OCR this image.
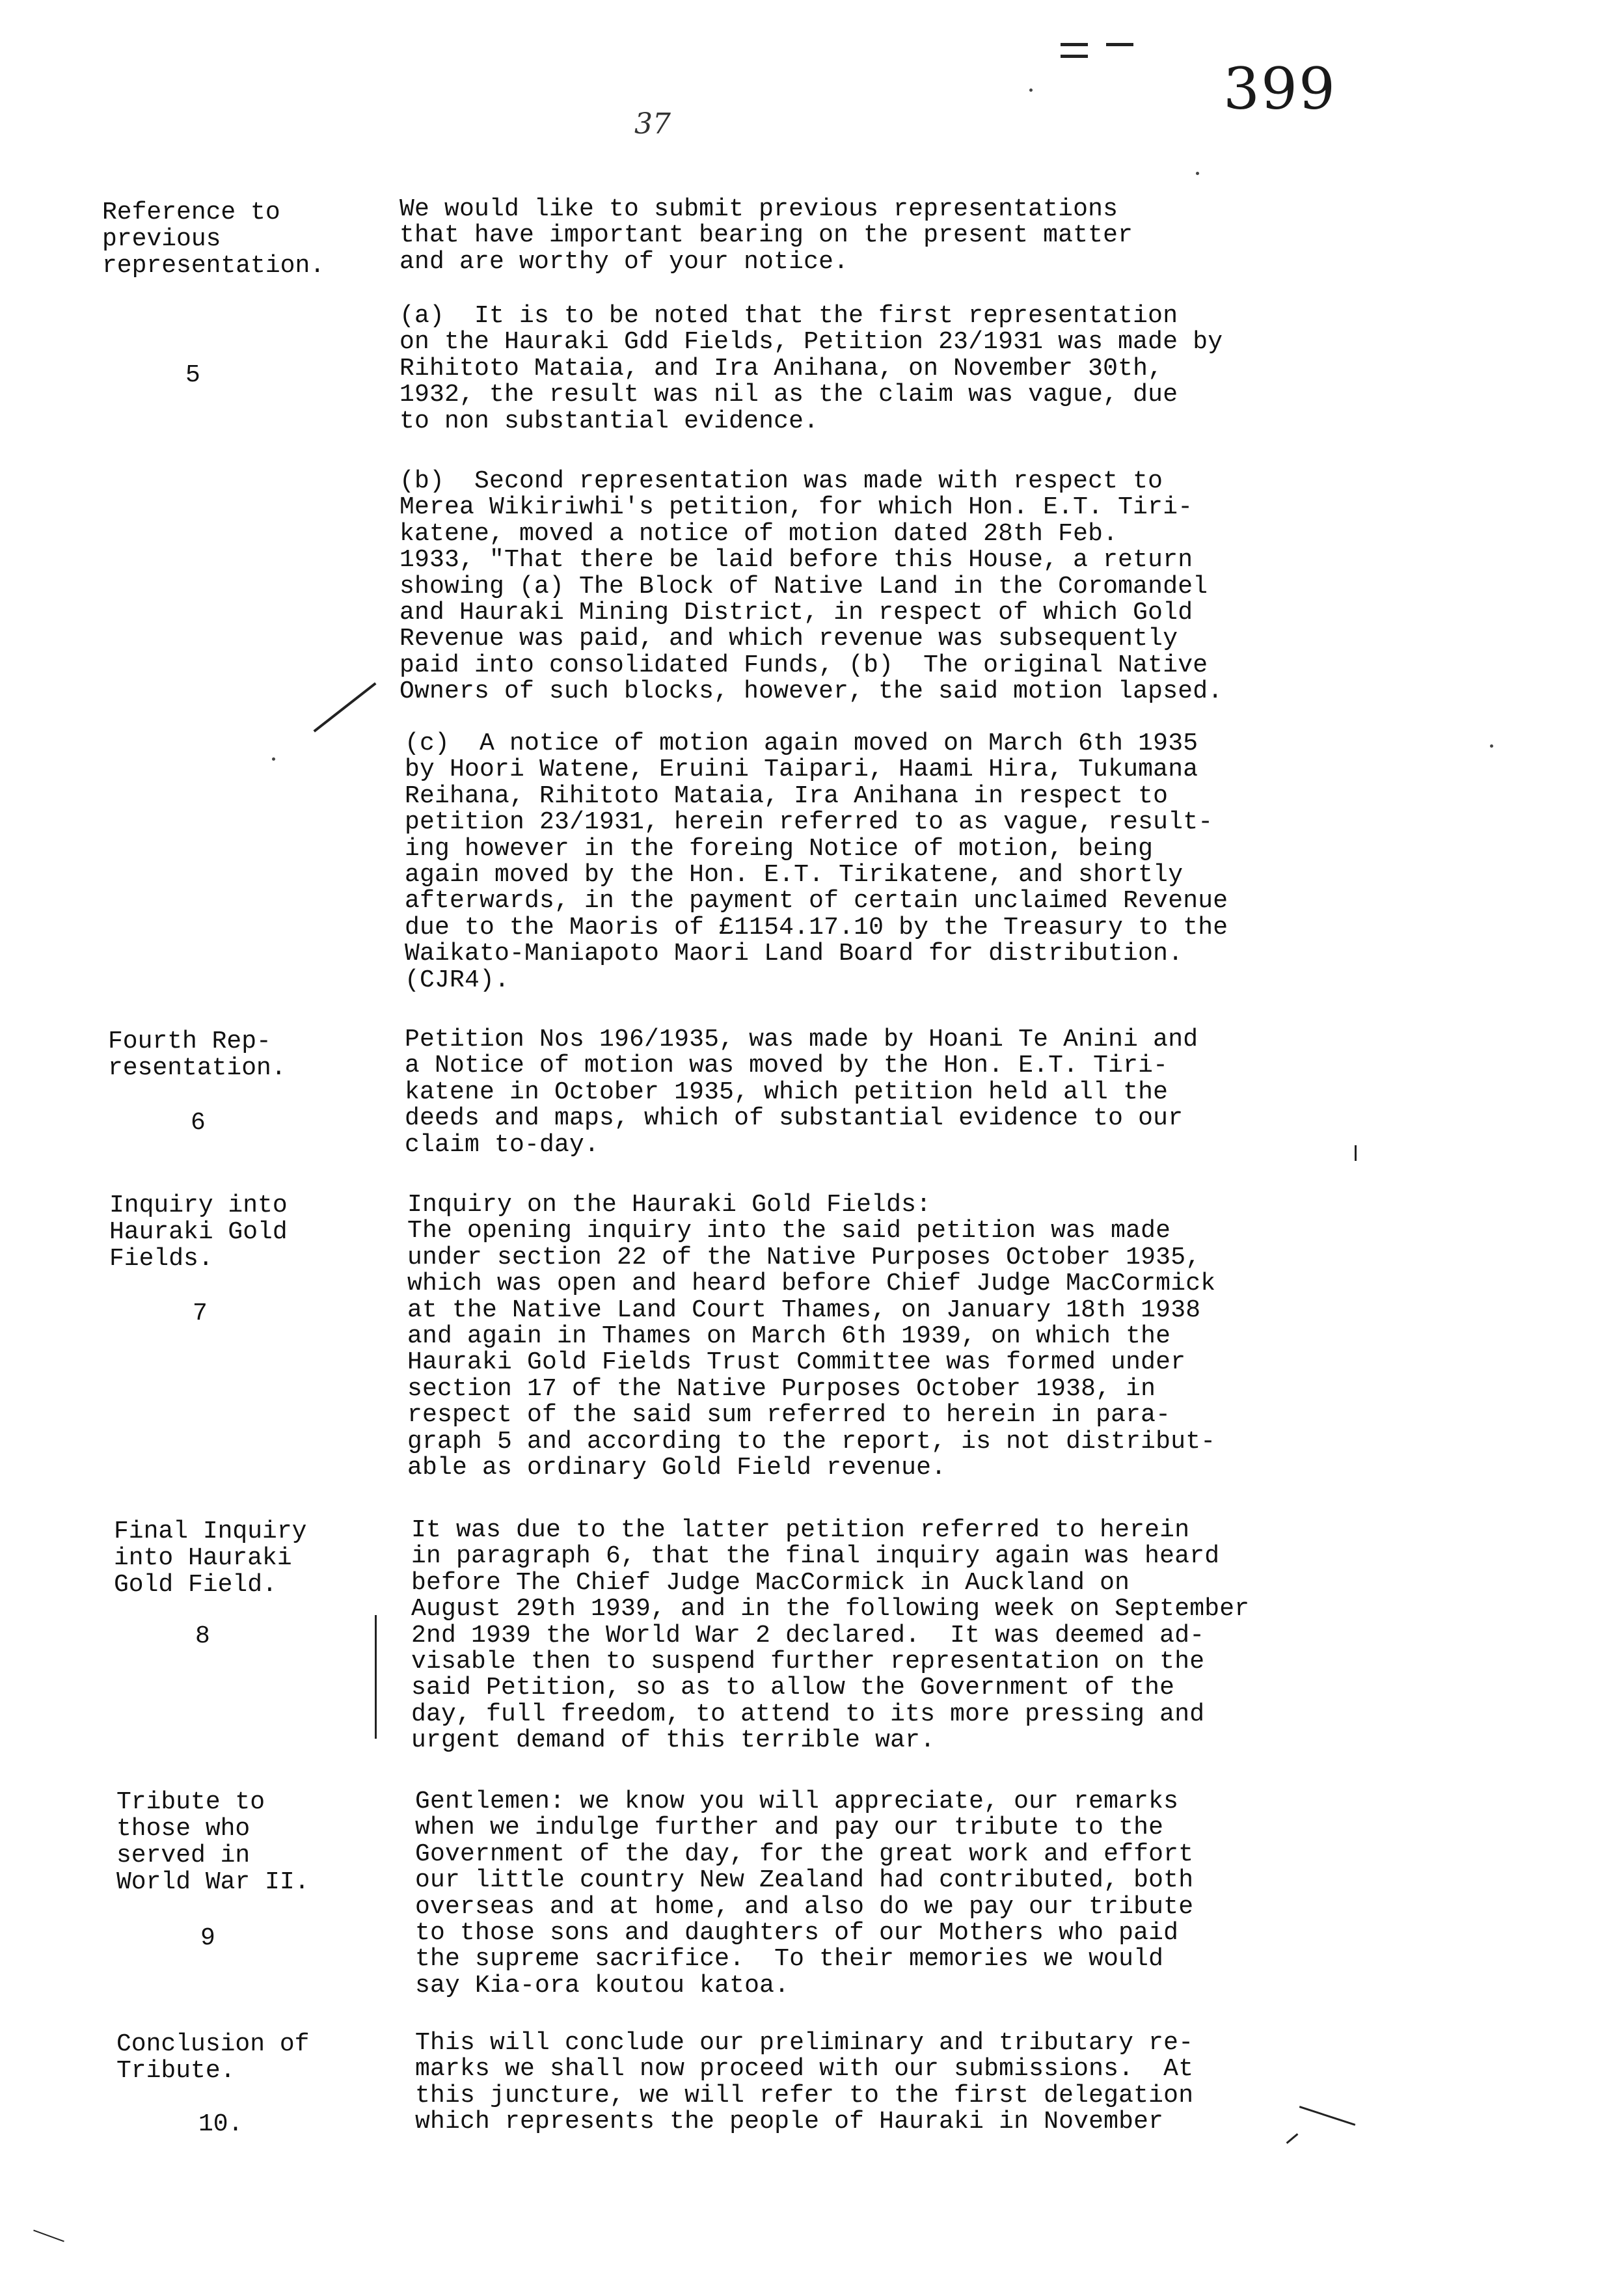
399
37
Reference to
previous
representation.
We would like to submit previous representations
that have important bearing on the present matter
and are worthy of your notice.
5
(a)  It is to be noted that the first representation
on the Hauraki Gdd Fields, Petition 23/1931 was made by
Rihitoto Mataia, and Ira Anihana, on November 30th,
1932, the result was nil as the claim was vague, due
to non substantial evidence.
(b)  Second representation was made with respect to
Merea Wikiriwhi's petition, for which Hon. E.T. Tiri-
katene, moved a notice of motion dated 28th Feb.
1933, "That there be laid before this House, a return
showing (a) The Block of Native Land in the Coromandel
and Hauraki Mining District, in respect of which Gold
Revenue was paid, and which revenue was subsequently
paid into consolidated Funds, (b)  The original Native
Owners of such blocks, however, the said motion lapsed.
(c)  A notice of motion again moved on March 6th 1935
by Hoori Watene, Eruini Taipari, Haami Hira, Tukumana
Reihana, Rihitoto Mataia, Ira Anihana in respect to
petition 23/1931, herein referred to as vague, result-
ing however in the foreing Notice of motion, being
again moved by the Hon. E.T. Tirikatene, and shortly
afterwards, in the payment of certain unclaimed Revenue
due to the Maoris of £1154.17.10 by the Treasury to the
Waikato-Maniapoto Maori Land Board for distribution.
(CJR4).
Fourth Rep-
resentation.
6
Petition Nos 196/1935, was made by Hoani Te Anini and
a Notice of motion was moved by the Hon. E.T. Tiri-
katene in October 1935, which petition held all the
deeds and maps, which of substantial evidence to our
claim to-day.
Inquiry into
Hauraki Gold
Fields.
7
Inquiry on the Hauraki Gold Fields:
The opening inquiry into the said petition was made
under section 22 of the Native Purposes October 1935,
which was open and heard before Chief Judge MacCormick
at the Native Land Court Thames, on January 18th 1938
and again in Thames on March 6th 1939, on which the
Hauraki Gold Fields Trust Committee was formed under
section 17 of the Native Purposes October 1938, in
respect of the said sum referred to herein in para-
graph 5 and according to the report, is not distribut-
able as ordinary Gold Field revenue.
Final Inquiry
into Hauraki
Gold Field.
8
It was due to the latter petition referred to herein
in paragraph 6, that the final inquiry again was heard
before The Chief Judge MacCormick in Auckland on
August 29th 1939, and in the following week on September
2nd 1939 the World War 2 declared.  It was deemed ad-
visable then to suspend further representation on the
said Petition, so as to allow the Government of the
day, full freedom, to attend to its more pressing and
urgent demand of this terrible war.
Tribute to
those who
served in
World War II.
9
Gentlemen: we know you will appreciate, our remarks
when we indulge further and pay our tribute to the
Government of the day, for the great work and effort
our little country New Zealand had contributed, both
overseas and at home, and also do we pay our tribute
to those sons and daughters of our Mothers who paid
the supreme sacrifice.  To their memories we would
say Kia-ora koutou katoa.
Conclusion of
Tribute.
10.
This will conclude our preliminary and tributary re-
marks we shall now proceed with our submissions.  At
this juncture, we will refer to the first delegation
which represents the people of Hauraki in November
